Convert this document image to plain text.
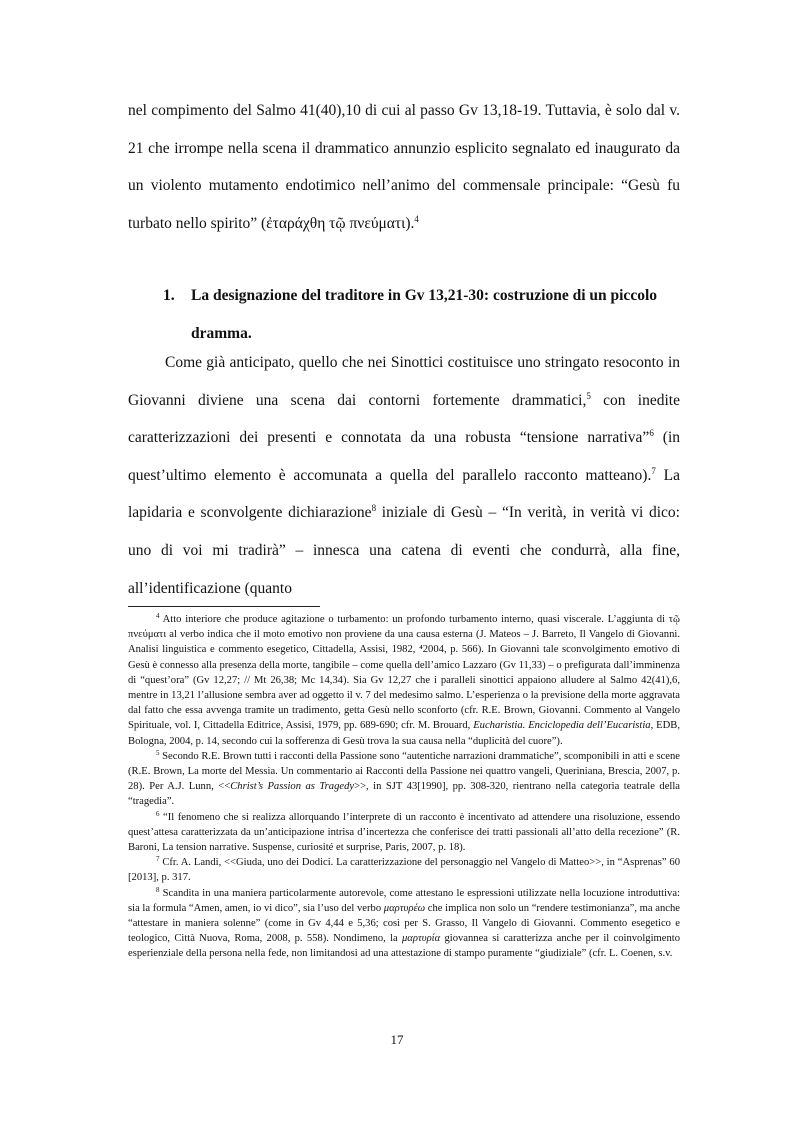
nel compimento del Salmo 41(40),10 di cui al passo Gv 13,18-19. Tuttavia, è solo dal v. 21 che irrompe nella scena il drammatico annunzio esplicito segnalato ed inaugurato da un violento mutamento endotimico nell’animo del commensale principale: “Gesù fu turbato nello spirito” (ἐταράχθη τῷ πνεύματι).$^4$

1. La designazione del traditore in Gv 13,21-30: costruzione di un piccolo
dramma.

Come già anticipato, quello che nei Sinottici costituisce uno stringato resoconto in Giovanni diviene una scena dai contorni fortemente drammatici,$^5$ con inedite caratterizzazioni dei presenti e connotata da una robusta “tensione narrativa”$^6$ (in quest’ultimo elemento è accomunata a quella del parallelo racconto matteano).$^7$ La lapidaria e sconvolgente dichiarazione$^8$ iniziale di Gesù – “In verità, in verità vi dico: uno di voi mi tradirà” – innesca una catena di eventi che condurrà, alla fine, all’identificazione (quanto

$^4$ Atto interiore che produce agitazione o turbamento: un profondo turbamento interno, quasi viscerale. L’aggiunta di τῷ πνεύματι al verbo indica che il moto emotivo non proviene da una causa esterna (J. Mateos – J. Barreto, Il Vangelo di Giovanni. Analisi linguistica e commento esegetico, Cittadella, Assisi, 1982, ⁴2004, p. 566). In Giovanni tale sconvolgimento emotivo di Gesù è connesso alla presenza della morte, tangibile – come quella dell’amico Lazzaro (Gv 11,33) – o prefigurata dall’imminenza di “quest’ora” (Gv 12,27; // Mt 26,38; Mc 14,34). Sia Gv 12,27 che i paralleli sinottici appaiono alludere al Salmo 42(41),6, mentre in 13,21 l’allusione sembra aver ad oggetto il v. 7 del medesimo salmo. L’esperienza o la previsione della morte aggravata dal fatto che essa avvenga tramite un tradimento, getta Gesù nello sconforto (cfr. R.E. Brown, Giovanni. Commento al Vangelo Spirituale, vol. I, Cittadella Editrice, Assisi, 1979, pp. 689-690; cfr. M. Brouard, Eucharistia. Enciclopedia dell’Eucaristia, EDB, Bologna, 2004, p. 14, secondo cui la sofferenza di Gesù trova la sua causa nella “duplicità del cuore”).

$^5$ Secondo R.E. Brown tutti i racconti della Passione sono “autentiche narrazioni drammatiche”, scomponibili in atti e scene (R.E. Brown, La morte del Messia. Un commentario ai Racconti della Passione nei quattro vangeli, Queriniana, Brescia, 2007, p. 28). Per A.J. Lunn, <<Christ’s Passion as Tragedy>>, in SJT 43[1990], pp. 308-320, rientrano nella categoria teatrale della “tragedia”.

$^6$ “Il fenomeno che si realizza allorquando l’interprete di un racconto è incentivato ad attendere una risoluzione, essendo quest’attesa caratterizzata da un’anticipazione intrisa d’incertezza che conferisce dei tratti passionali all’atto della recezione” (R. Baroni, La tension narrative. Suspense, curiosité et surprise, Paris, 2007, p. 18).

$^7$ Cfr. A. Landi, <<Giuda, uno dei Dodici. La caratterizzazione del personaggio nel Vangelo di Matteo>>, in “Asprenas” 60 [2013], p. 317.

$^8$ Scandita in una maniera particolarmente autorevole, come attestano le espressioni utilizzate nella locuzione introduttiva: sia la formula “Amen, amen, io vi dico”, sia l’uso del verbo μαρτυρέω che implica non solo un “rendere testimonianza”, ma anche “attestare in maniera solenne” (come in Gv 4,44 e 5,36; così per S. Grasso, Il Vangelo di Giovanni. Commento esegetico e teologico, Città Nuova, Roma, 2008, p. 558). Nondimeno, la μαρτυρία giovannea si caratterizza anche per il coinvolgimento esperienziale della persona nella fede, non limitandosi ad una attestazione di stampo puramente “giudiziale” (cfr. L. Coenen, s.v.

17
